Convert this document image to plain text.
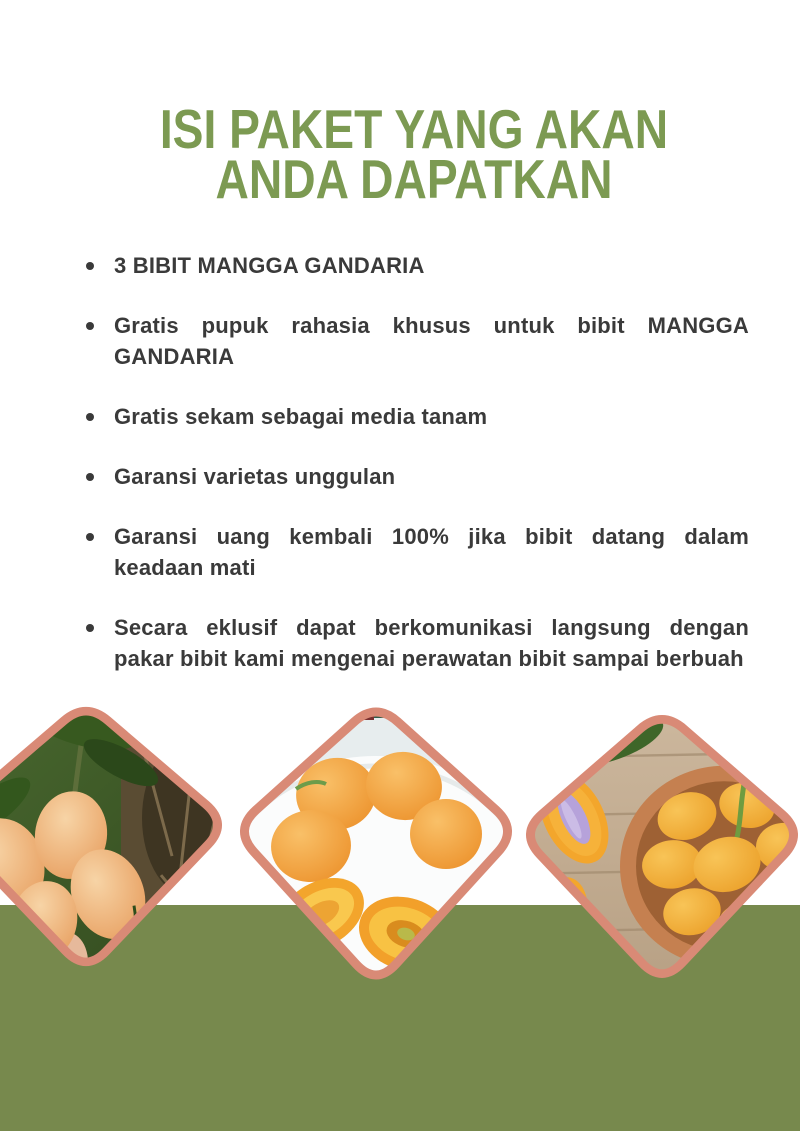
ISI PAKET YANG AKAN
ANDA DAPATKAN
3 BIBIT MANGGA GANDARIA
Gratis pupuk rahasia khusus untuk bibit MANGGA GANDARIA
Gratis sekam sebagai media tanam
Garansi varietas unggulan
Garansi uang kembali 100% jika bibit datang dalam keadaan mati
Secara eklusif dapat berkomunikasi langsung dengan pakar bibit kami mengenai perawatan bibit sampai berbuah
